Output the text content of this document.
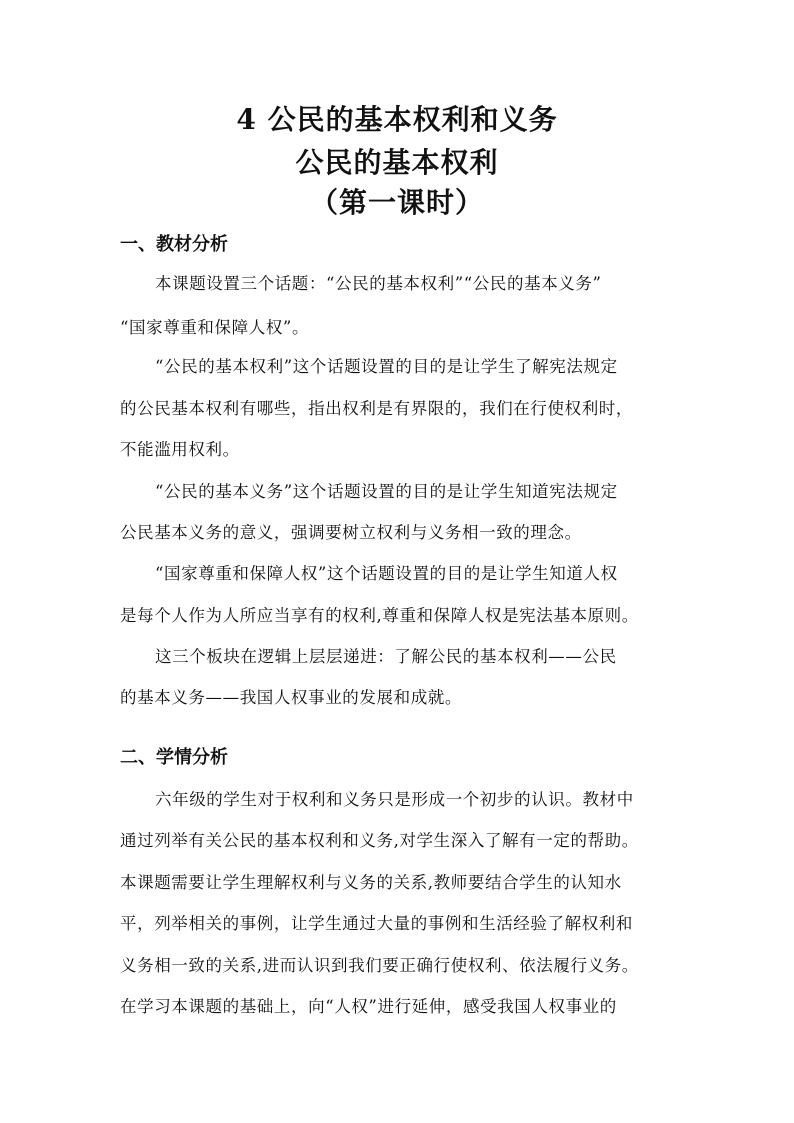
4 公民的基本权利和义务
公民的基本权利
（第一课时）
一、教材分析
本课题设置三个话题：“公民的基本权利”“公民的基本义务”
“国家尊重和保障人权”。
“公民的基本权利”这个话题设置的目的是让学生了解宪法规定
的公民基本权利有哪些，指出权利是有界限的，我们在行使权利时，
不能滥用权利。
“公民的基本义务”这个话题设置的目的是让学生知道宪法规定
公民基本义务的意义，强调要树立权利与义务相一致的理念。
“国家尊重和保障人权”这个话题设置的目的是让学生知道人权
是每个人作为人所应当享有的权利,尊重和保障人权是宪法基本原则。
这三个板块在逻辑上层层递进：了解公民的基本权利——公民
的基本义务——我国人权事业的发展和成就。
二、学情分析
六年级的学生对于权利和义务只是形成一个初步的认识。教材中
通过列举有关公民的基本权利和义务,对学生深入了解有一定的帮助。
本课题需要让学生理解权利与义务的关系,教师要结合学生的认知水
平，列举相关的事例，让学生通过大量的事例和生活经验了解权利和
义务相一致的关系,进而认识到我们要正确行使权利、依法履行义务。
在学习本课题的基础上，向“人权”进行延伸，感受我国人权事业的
